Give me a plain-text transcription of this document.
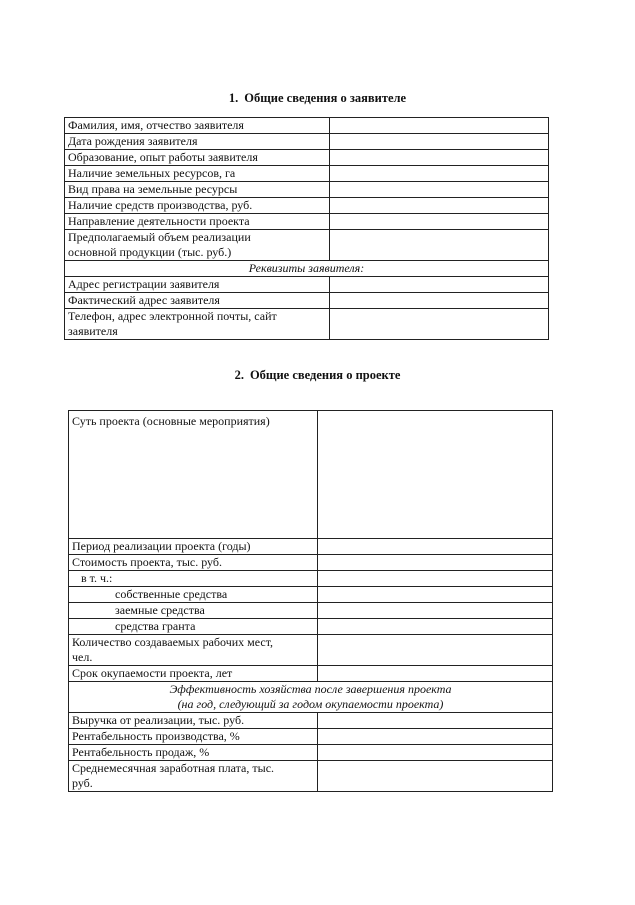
1. Общие сведения о заявителе
Фамилия, имя, отчество заявителя	
Дата рождения заявителя	
Образование, опыт работы заявителя	
Наличие земельных ресурсов, га	
Вид права на земельные ресурсы	
Наличие средств производства, руб.	
Направление деятельности проекта	

Предполагаемый объем реализации
основной продукции (тыс. руб.)	

Реквизиты заявителя:	
Адрес регистрации заявителя	
Фактический адрес заявителя	

Телефон, адрес электронной почты, сайт
заявителя	

2. Общие сведения о проекте
Суть проекта (основные мероприятия)	
Период реализации проекта (годы)	
Стоимость проекта, тыс. руб.	
в т. ч.:	
собственные средства	
заемные средства	
средства гранта	

Количество создаваемых рабочих мест,
чел.	

Срок окупаемости проекта, лет	

Эффективность хозяйства после завершения проекта
(на год, следующий за годом окупаемости проекта)	

Выручка от реализации, тыс. руб.	
Рентабельность производства, %	
Рентабельность продаж, %	

Среднемесячная заработная плата, тыс.
руб.	
